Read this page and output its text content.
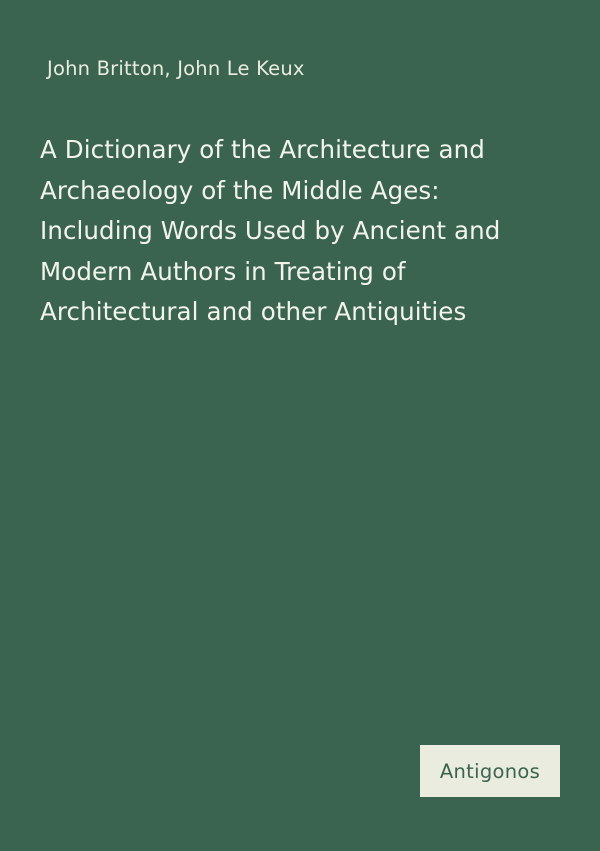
John Britton, John Le Keux
A Dictionary of the Architecture and Archaeology of the Middle Ages: Including Words Used by Ancient and Modern Authors in Treating of Architectural and other Antiquities
Antigonos
